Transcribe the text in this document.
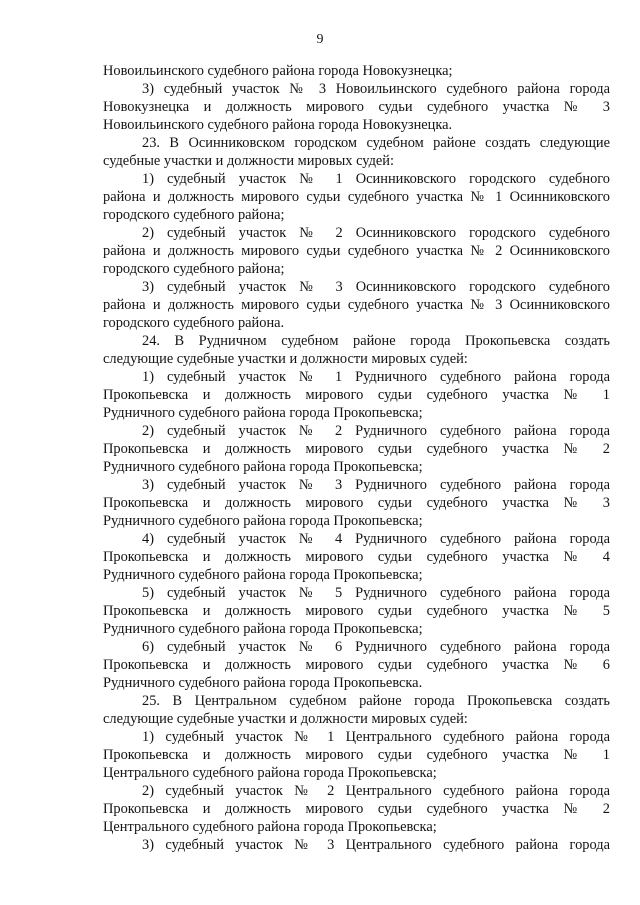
9
Новоильинского судебного района города Новокузнецка;
3) судебный участок № 3 Новоильинского судебного района города
Новокузнецка и должность мирового судьи судебного участка № 3
Новоильинского судебного района города Новокузнецка.
23. В Осинниковском городском судебном районе создать следующие
судебные участки и должности мировых судей:
1) судебный участок № 1 Осинниковского городского судебного
района и должность мирового судьи судебного участка № 1 Осинниковского
городского судебного района;
2) судебный участок № 2 Осинниковского городского судебного
района и должность мирового судьи судебного участка № 2 Осинниковского
городского судебного района;
3) судебный участок № 3 Осинниковского городского судебного
района и должность мирового судьи судебного участка № 3 Осинниковского
городского судебного района.
24. В Рудничном судебном районе города Прокопьевска создать
следующие судебные участки и должности мировых судей:
1) судебный участок № 1 Рудничного судебного района города
Прокопьевска и должность мирового судьи судебного участка № 1
Рудничного судебного района города Прокопьевска;
2) судебный участок № 2 Рудничного судебного района города
Прокопьевска и должность мирового судьи судебного участка № 2
Рудничного судебного района города Прокопьевска;
3) судебный участок № 3 Рудничного судебного района города
Прокопьевска и должность мирового судьи судебного участка № 3
Рудничного судебного района города Прокопьевска;
4) судебный участок № 4 Рудничного судебного района города
Прокопьевска и должность мирового судьи судебного участка № 4
Рудничного судебного района города Прокопьевска;
5) судебный участок № 5 Рудничного судебного района города
Прокопьевска и должность мирового судьи судебного участка № 5
Рудничного судебного района города Прокопьевска;
6) судебный участок № 6 Рудничного судебного района города
Прокопьевска и должность мирового судьи судебного участка № 6
Рудничного судебного района города Прокопьевска.
25. В Центральном судебном районе города Прокопьевска создать
следующие судебные участки и должности мировых судей:
1) судебный участок № 1 Центрального судебного района города
Прокопьевска и должность мирового судьи судебного участка № 1
Центрального судебного района города Прокопьевска;
2) судебный участок № 2 Центрального судебного района города
Прокопьевска и должность мирового судьи судебного участка № 2
Центрального судебного района города Прокопьевска;
3) судебный участок № 3 Центрального судебного района города
